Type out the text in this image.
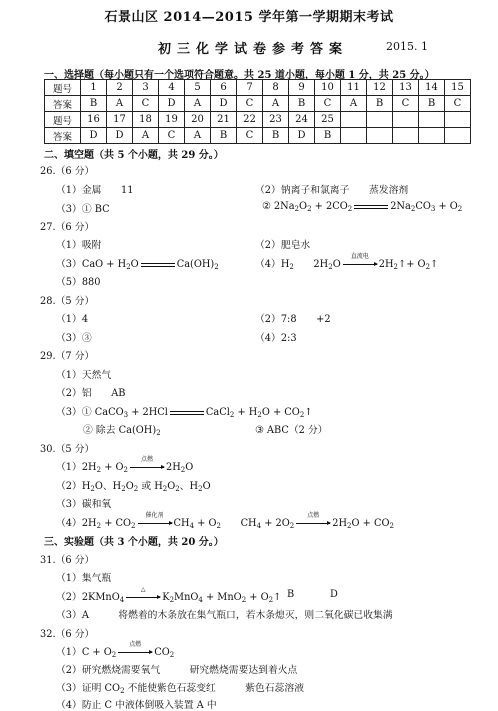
石景山区 2014—2015 学年第一学期期末考试
初三化学试卷参考答案	2015. 1
一、选择题（每小题只有一个选项符合题意。共 25 道小题，每小题 1 分，共 25 分。）
题号	1	2	3	4	5	6	7	8	9	10	11	12	13	14	15
答案	B	A	C	D	A	D	C	A	B	C	A	B	C	B	C
题号	16	17	18	19	20	21	22	23	24	25					
答案	D	D	A	C	A	B	C	B	D	B					
二、填空题（共 5 个小题，共 29 分。）
26.（6 分）
（1）金属　　11	（2）钠离子和氯离子　　蒸发溶剂
（3）① BC	② $2Na_2O_2 + 2CO_2$	$2Na_2CO_3 + O_2$
27.（6 分）
（1）吸附	（2）肥皂水
$(3)CaO + H_2O$	$Ca(OH)_2$	$(4)H_2$　　$2H_2O$
直流电
$2H_2↑+$ $O_2↑$
（5）880
28.（5 分）
（1）4	（2）7:8　　+2
（3）③	（4）2:3
29.（7 分）
（1）天然气
（2）铝　　AB
（3）① CaCO$_3$ + 2HCl	CaCl$_2$ + $H_2O$ + $CO_2↑$
② 除去 $Ca(OH)_2$	③ ABC（2 分）
30.（5 分）
$(1)2H_2 + O_2$
点燃
$2H_2O$
$(2)H_2O$、$H_2O_2$ 或 $H_2O_2$、$H_2O$
（3）碳和氧
$(4)2H_2 + CO_2$
催化剂
$CH_4 + O_2$   $CH_4 + 2O_2$
点燃
$2H_2O + CO_2$
三、实验题（共 3 个小题，共 20 分。）
31.（6 分）
（1）集气瓶
（2）2KMnO$_4$
△
$K_2MnO_4 + MnO_2$ + $O_2↑$ B	D
（3）A　　　将燃着的木条放在集气瓶口，若木条熄灭，则二氧化碳已收集满
32.（6 分）
$(1)C + O_2$
点燃
$CO_2$
（2）研究燃烧需要氧气　　　研究燃烧需要达到着火点
（3）证明 $CO_2$ 不能使紫色石蕊变红　　　紫色石蕊溶液
（4）防止 C 中液体倒吸入装置 A 中
